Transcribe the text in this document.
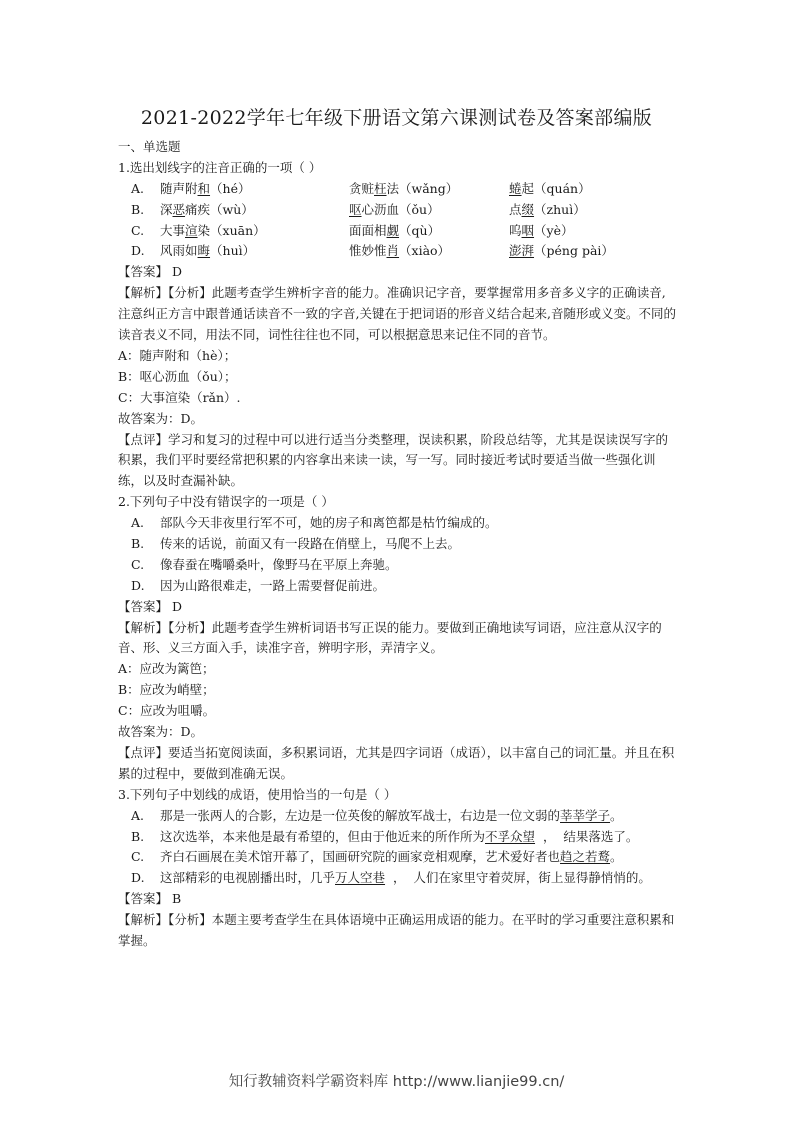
2021-2022学年七年级下册语文第六课测试卷及答案部编版
一、单选题
1.选出划线字的注音正确的一项（ ）
A.	随声附和（hé）	贪赃枉法（wǎng）	蜷起（quán）
B.	深恶痛疾（wù）	呕心沥血（ǒu）	点缀（zhuì）
C.	大事渲染（xuān）	面面相觑（qù）	呜咽（yè）
D.	风雨如晦（huì）	惟妙惟肖（xiào）	澎湃（péng pài）
【答案】 D
【解析】【分析】此题考查学生辨析字音的能力。准确识记字音，要掌握常用多音多义字的正确读音,注意纠正方言中跟普通话读音不一致的字音,关键在于把词语的形音义结合起来,音随形或义变。不同的读音表义不同，用法不同，词性往往也不同，可以根据意思来记住不同的音节。
A：随声附和（hè）；
B：呕心沥血（ǒu）；
C：大事渲染（rǎn）.
故答案为：D。
【点评】学习和复习的过程中可以进行适当分类整理，误读积累，阶段总结等，尤其是误读误写字的积累，我们平时要经常把积累的内容拿出来读一读，写一写。同时接近考试时要适当做一些强化训练，以及时查漏补缺。
2.下列句子中没有错误字的一项是（ ）
A.	部队今天非夜里行军不可，她的房子和离笆都是枯竹编成的。
B.	传来的话说，前面又有一段路在俏壁上，马爬不上去。
C.	像春蚕在嘴嚼桑叶，像野马在平原上奔驰。
D.	因为山路很难走，一路上需要督促前进。
【答案】 D
【解析】【分析】此题考查学生辨析词语书写正误的能力。要做到正确地读写词语，应注意从汉字的音、形、义三方面入手，读准字音，辨明字形，弄清字义。
A：应改为篱笆；
B：应改为峭壁；
C：应改为咀嚼。
故答案为：D。
【点评】要适当拓宽阅读面，多积累词语，尤其是四字词语（成语），以丰富自己的词汇量。并且在积累的过程中，要做到准确无误。
3.下列句子中划线的成语，使用恰当的一句是（ ）
A.	那是一张两人的合影，左边是一位英俊的解放军战士，右边是一位文弱的莘莘学子。
B.	这次选举，本来他是最有希望的，但由于他近来的所作所为不孚众望  ，  结果落选了。
C.	齐白石画展在美术馆开幕了，国画研究院的画家竞相观摩，艺术爱好者也趋之若鹜。
D.	这部精彩的电视剧播出时，几乎万人空巷  ，  人们在家里守着荧屏，街上显得静悄悄的。
【答案】 B
【解析】【分析】本题主要考查学生在具体语境中正确运用成语的能力。在平时的学习重要注意积累和掌握。
知行教辅资料学霸资料库 http://www.lianjie99.cn/
